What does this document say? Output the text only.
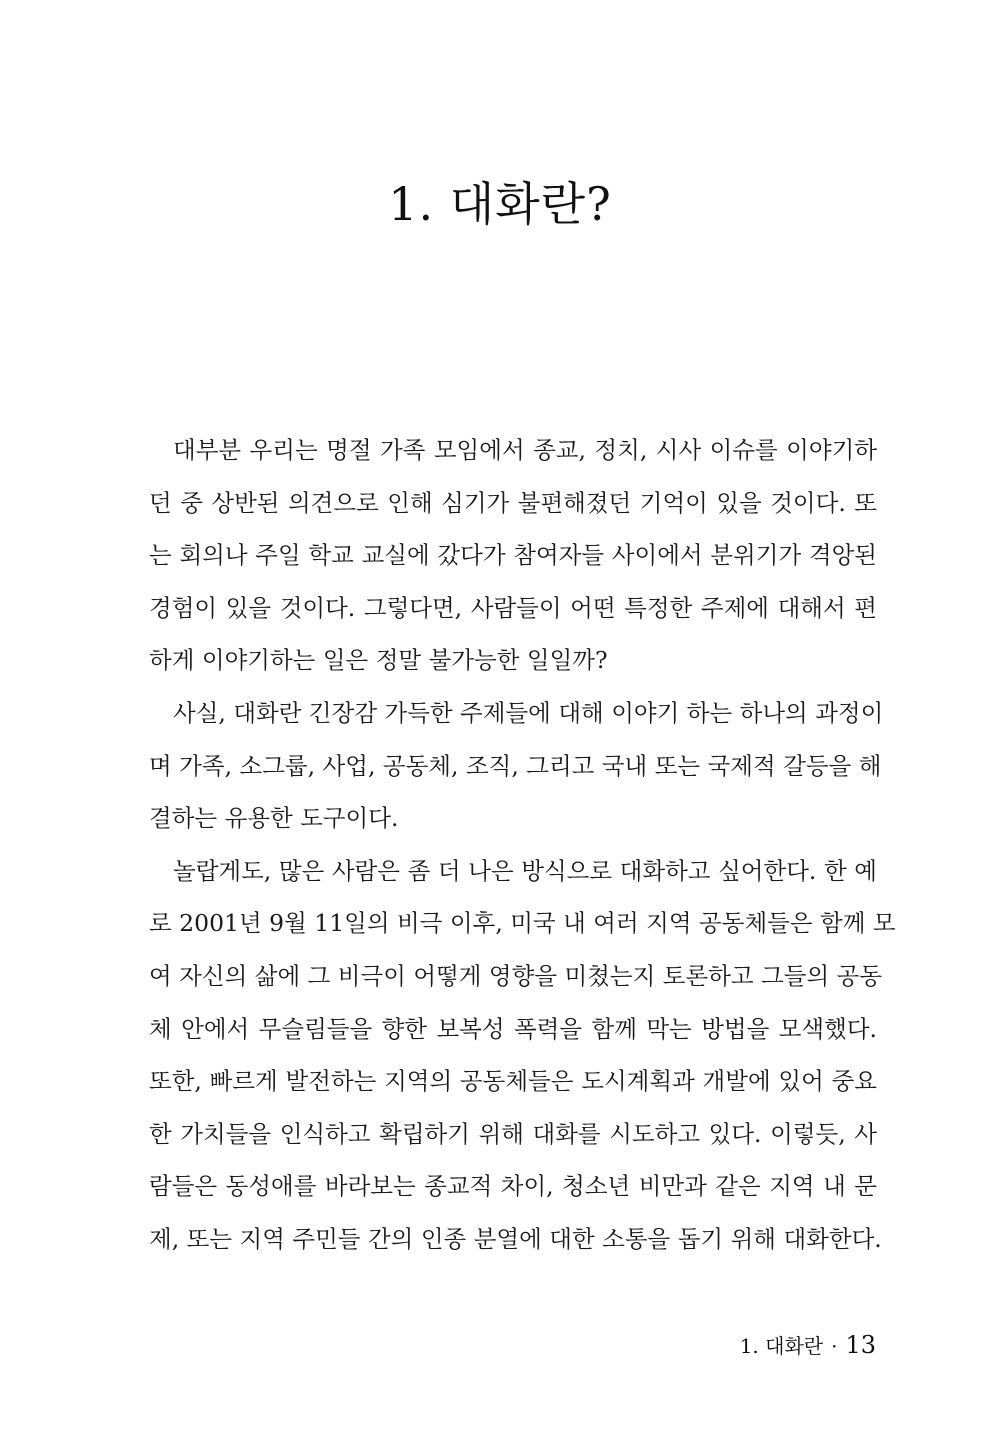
1. 대화란?
대부분 우리는 명절 가족 모임에서 종교, 정치, 시사 이슈를 이야기하
던 중 상반된 의견으로 인해 심기가 불편해졌던 기억이 있을 것이다. 또
는 회의나 주일 학교 교실에 갔다가 참여자들 사이에서 분위기가 격앙된
경험이 있을 것이다. 그렇다면, 사람들이 어떤 특정한 주제에 대해서 편
하게 이야기하는 일은 정말 불가능한 일일까?
사실, 대화란 긴장감 가득한 주제들에 대해 이야기 하는 하나의 과정이
며 가족, 소그룹, 사업, 공동체, 조직, 그리고 국내 또는 국제적 갈등을 해
결하는 유용한 도구이다.
놀랍게도, 많은 사람은 좀 더 나은 방식으로 대화하고 싶어한다. 한 예
로 2001년 9월 11일의 비극 이후, 미국 내 여러 지역 공동체들은 함께 모
여 자신의 삶에 그 비극이 어떻게 영향을 미쳤는지 토론하고 그들의 공동
체 안에서 무슬림들을 향한 보복성 폭력을 함께 막는 방법을 모색했다.
또한, 빠르게 발전하는 지역의 공동체들은 도시계획과 개발에 있어 중요
한 가치들을 인식하고 확립하기 위해 대화를 시도하고 있다. 이렇듯, 사
람들은 동성애를 바라보는 종교적 차이, 청소년 비만과 같은 지역 내 문
제, 또는 지역 주민들 간의 인종 분열에 대한 소통을 돕기 위해 대화한다.
1. 대화란 · 13
